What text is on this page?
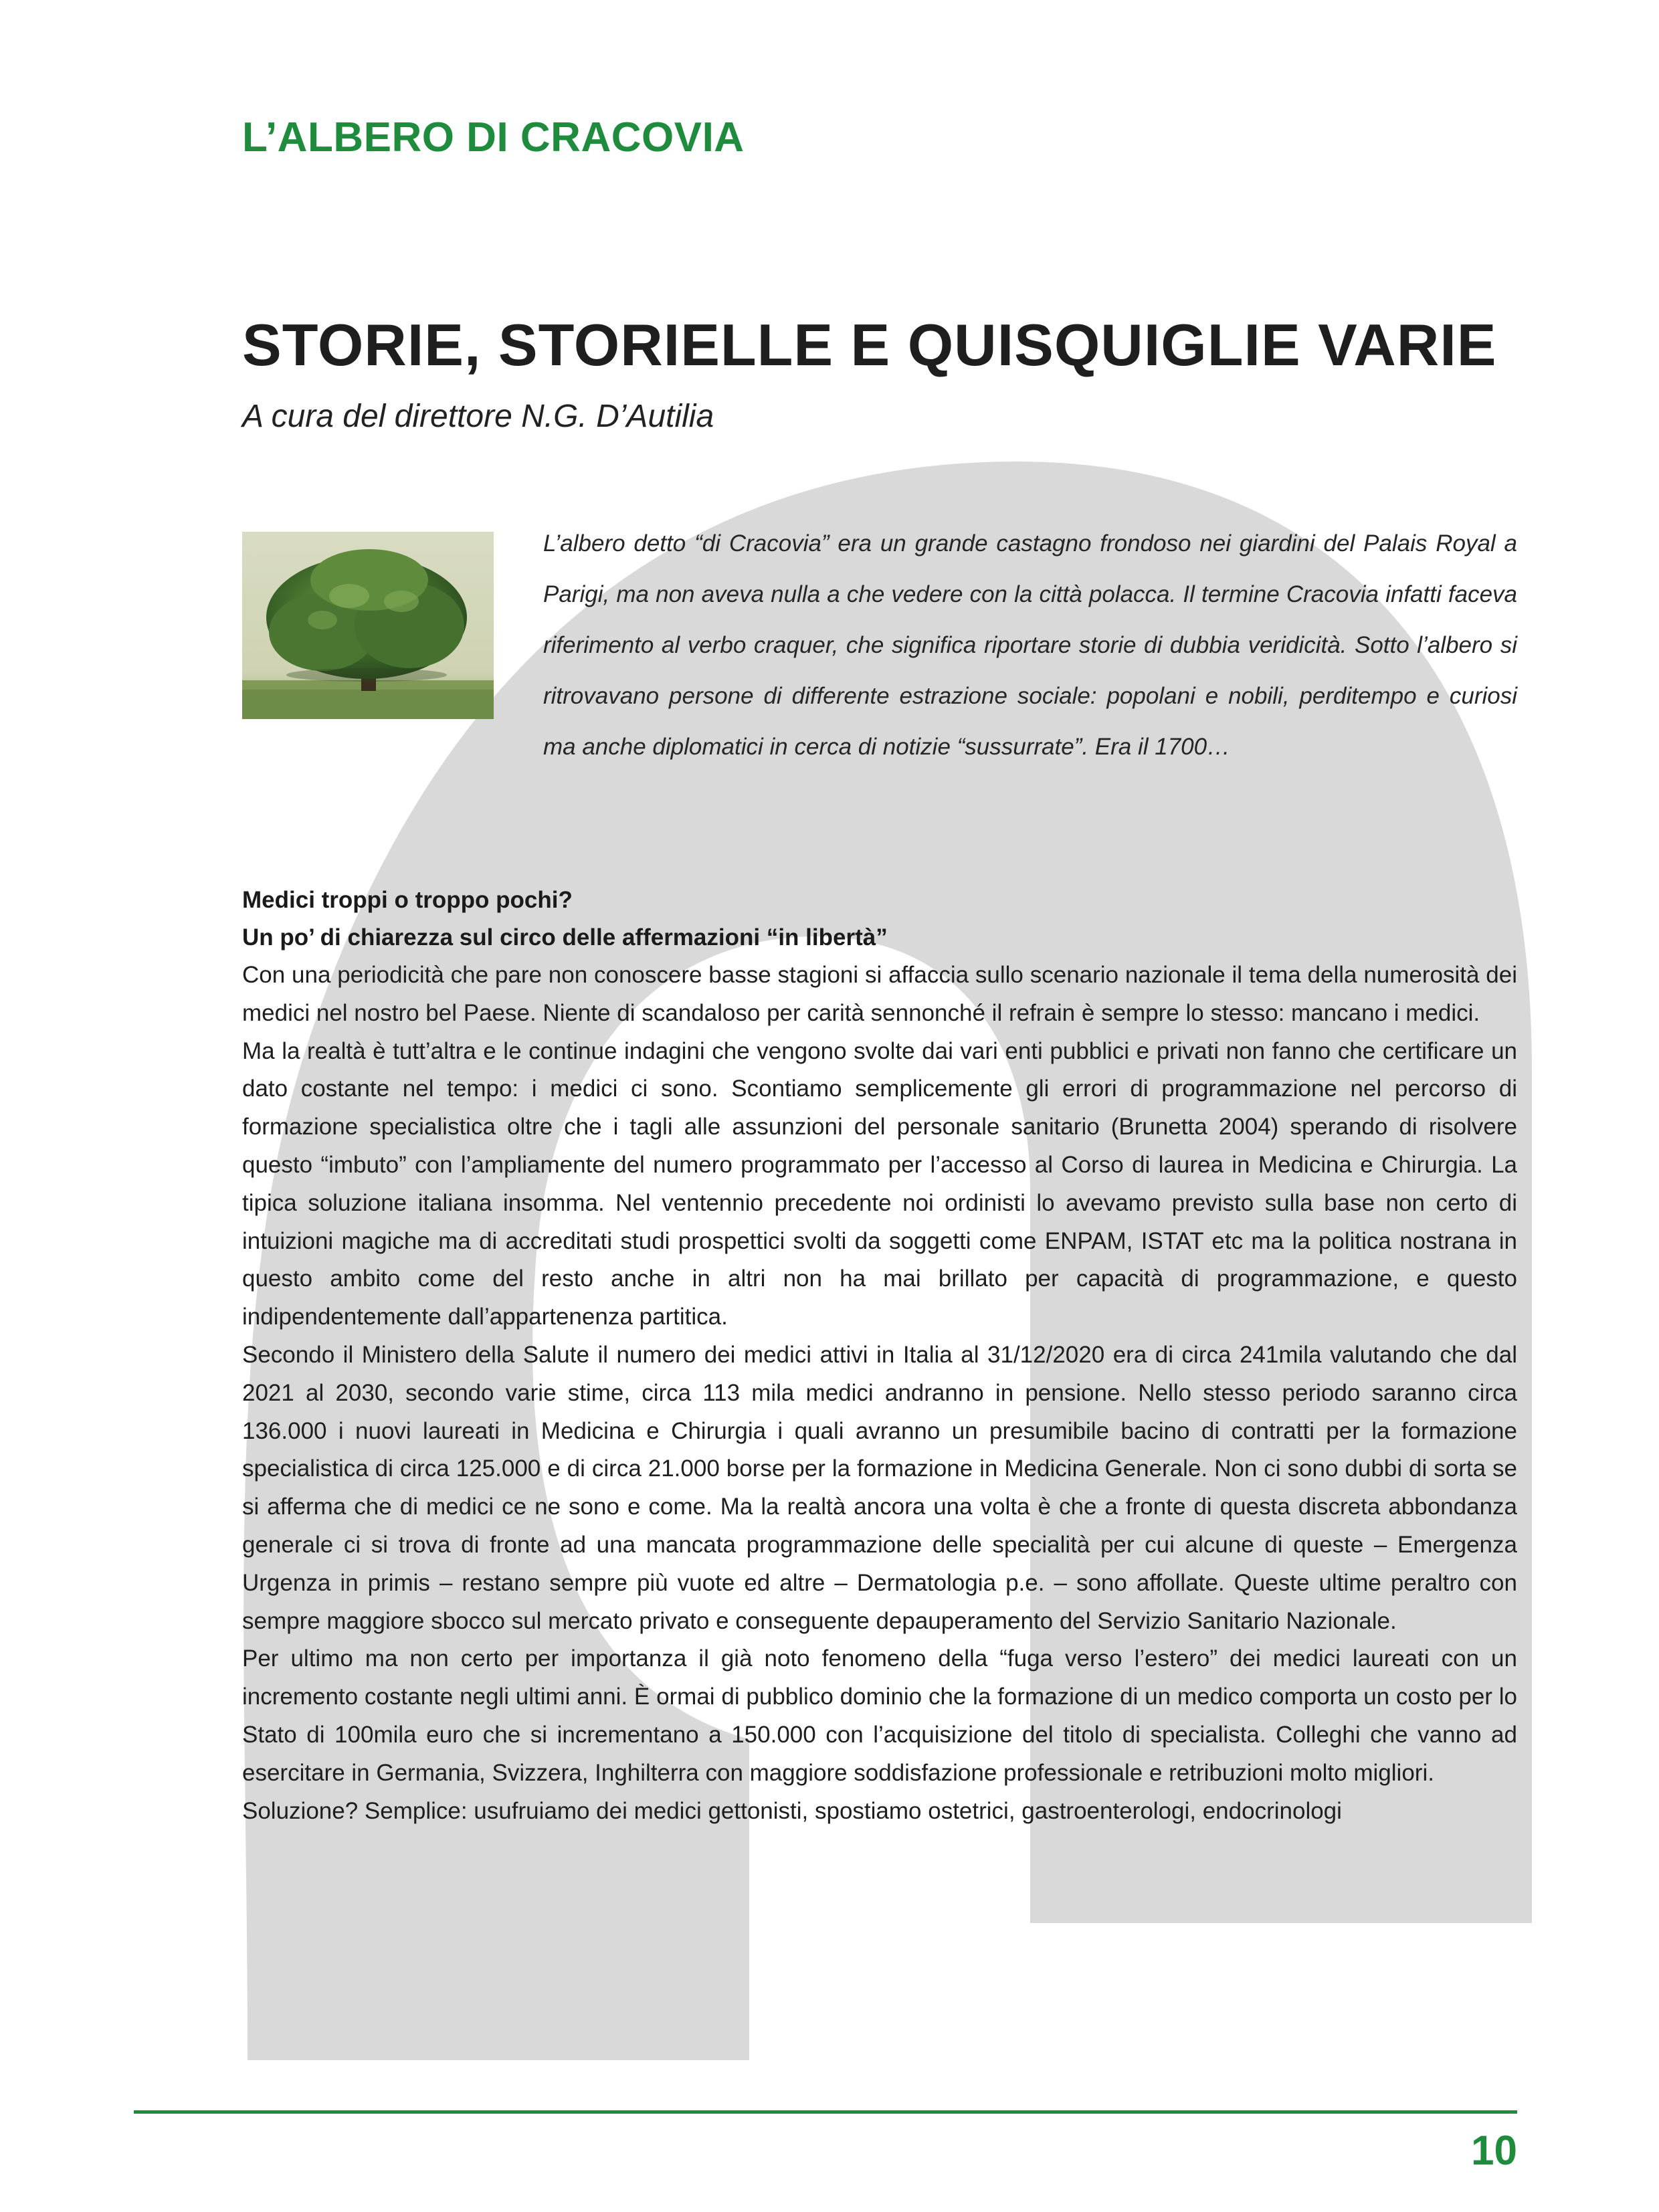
L’ALBERO DI CRACOVIA
STORIE, STORIELLE E QUISQUIGLIE VARIE
A cura del direttore N.G. D’Autilia
L’albero detto “di Cracovia” era un grande castagno frondoso nei giardini del Palais Royal a Parigi, ma non aveva nulla a che vedere con la città polacca. Il termine Cracovia infatti faceva riferimento al verbo craquer, che significa riportare storie di dubbia veridicità. Sotto l’albero si ritrovavano persone di differente estrazione sociale: popolani e nobili, perditempo e curiosi ma anche diplomatici in cerca di notizie “sussurrate”. Era il 1700…
Medici troppi o troppo pochi?
Un po’ di chiarezza sul circo delle affermazioni “in libertà”

Con una periodicità che pare non conoscere basse stagioni si affaccia sullo scenario nazionale il tema della numerosità dei medici nel nostro bel Paese. Niente di scandaloso per carità sennonché il refrain è sempre lo stesso: mancano i medici.

Ma la realtà è tutt’altra e le continue indagini che vengono svolte dai vari enti pubblici e privati non fanno che certificare un dato costante nel tempo: i medici ci sono. Scontiamo semplicemente gli errori di programmazione nel percorso di formazione specialistica oltre che i tagli alle assunzioni del personale sanitario (Brunetta 2004) sperando di risolvere questo “imbuto” con l’ampliamente del numero programmato per l’accesso al Corso di laurea in Medicina e Chirurgia. La tipica soluzione italiana insomma. Nel ventennio precedente noi ordinisti lo avevamo previsto sulla base non certo di intuizioni magiche ma di accreditati studi prospettici svolti da soggetti come ENPAM, ISTAT etc ma la politica nostrana in questo ambito come del resto anche in altri non ha mai brillato per capacità di programmazione, e questo indipendentemente dall’appartenenza partitica.

Secondo il Ministero della Salute il numero dei medici attivi in Italia al 31/12/2020 era di circa 241mila valutando che dal 2021 al 2030, secondo varie stime, circa 113 mila medici andranno in pensione. Nello stesso periodo saranno circa 136.000 i nuovi laureati in Medicina e Chirurgia i quali avranno un presumibile bacino di contratti per la formazione specialistica di circa 125.000 e di circa 21.000 borse per la formazione in Medicina Generale. Non ci sono dubbi di sorta se si afferma che di medici ce ne sono e come. Ma la realtà ancora una volta è che a fronte di questa discreta abbondanza generale ci si trova di fronte ad una mancata programmazione delle specialità per cui alcune di queste – Emergenza Urgenza in primis – restano sempre più vuote ed altre – Dermatologia p.e. – sono affollate. Queste ultime peraltro con sempre maggiore sbocco sul mercato privato e conseguente depauperamento del Servizio Sanitario Nazionale.

Per ultimo ma non certo per importanza il già noto fenomeno della “fuga verso l’estero” dei medici laureati con un incremento costante negli ultimi anni. È ormai di pubblico dominio che la formazione di un medico comporta un costo per lo Stato di 100mila euro che si incrementano a 150.000 con l’acquisizione del titolo di specialista. Colleghi che vanno ad esercitare in Germania, Svizzera, Inghilterra con maggiore soddisfazione professionale e retribuzioni molto migliori.

Soluzione? Semplice: usufruiamo dei medici gettonisti, spostiamo ostetrici, gastroenterologi, endocrinologi

10
